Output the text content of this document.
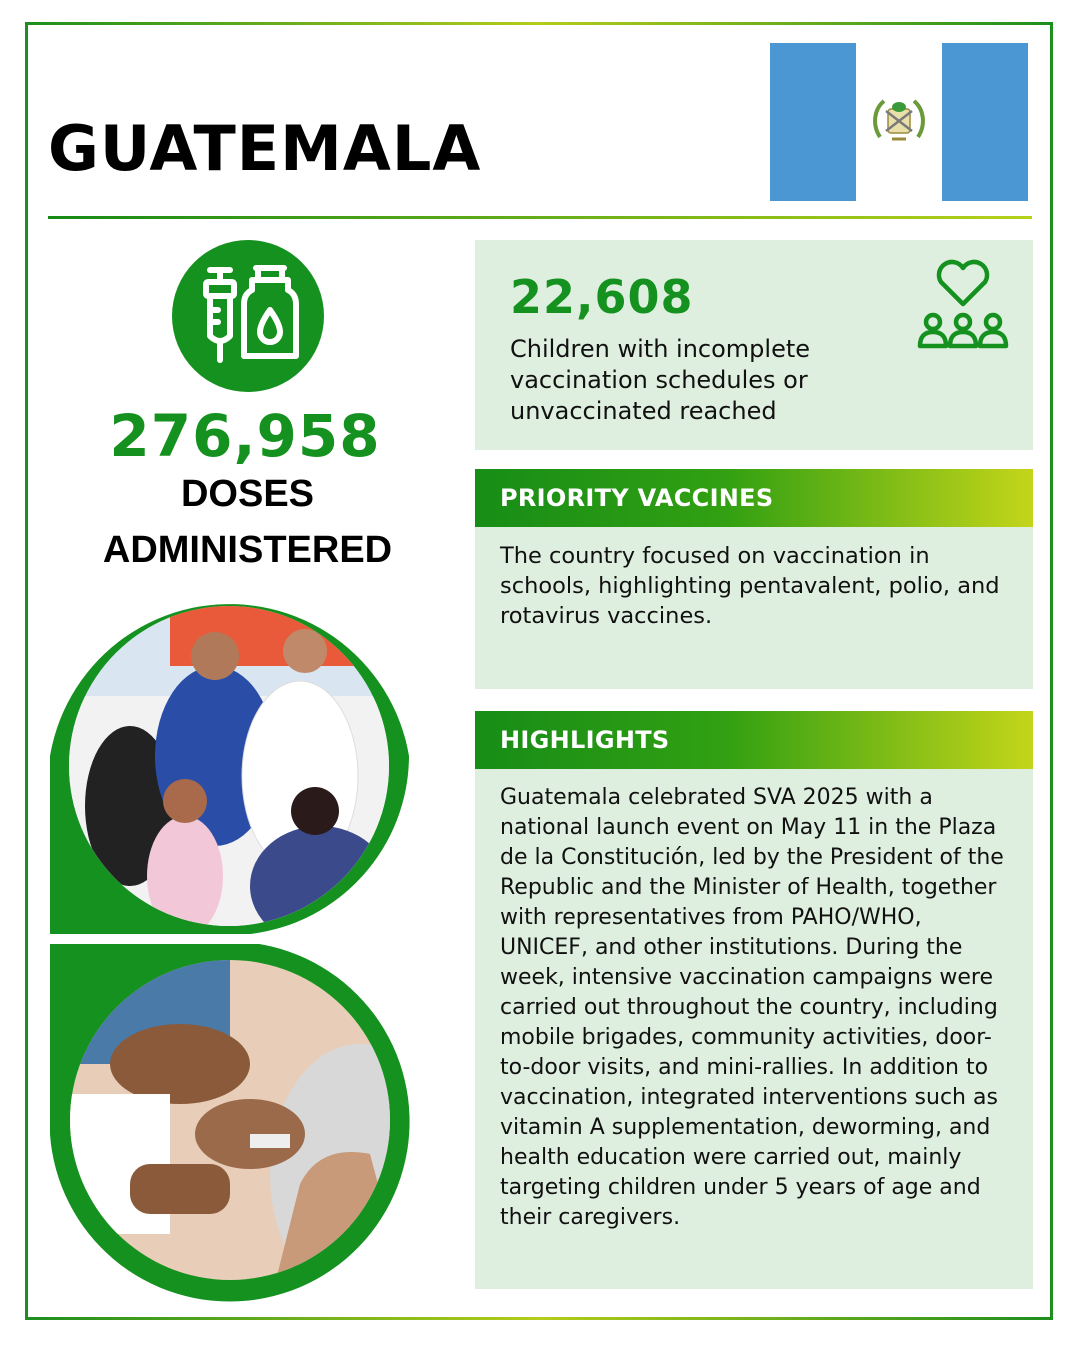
GUATEMALA
276,958
DOSES ADMINISTERED
22,608
Children with incomplete vaccination schedules or unvaccinated reached
PRIORITY VACCINES
The country focused on vaccination in schools, highlighting pentavalent, polio, and rotavirus vaccines.
HIGHLIGHTS
Guatemala celebrated SVA 2025 with a national launch event on May 11 in the Plaza de la Constitución, led by the President of the Republic and the Minister of Health, together with representatives from PAHO/WHO, UNICEF, and other institutions. During the week, intensive vaccination campaigns were carried out throughout the country, including mobile brigades, community activities, door-to-door visits, and mini-rallies. In addition to vaccination, integrated interventions such as vitamin A supplementation, deworming, and health education were carried out, mainly targeting children under 5 years of age and their caregivers.
